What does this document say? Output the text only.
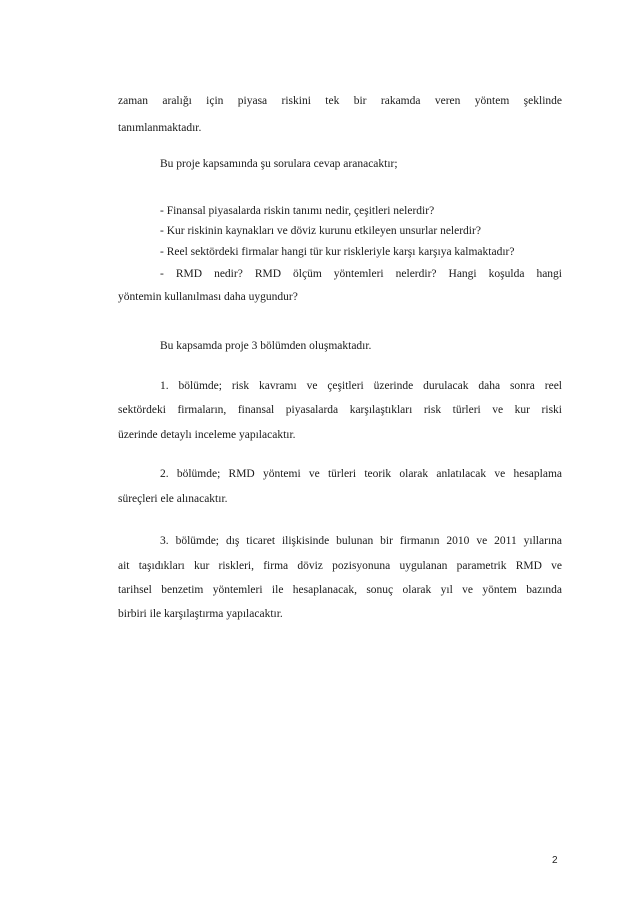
zaman aralığı için piyasa riskini tek bir rakamda veren yöntem şeklinde
tanımlanmaktadır.
Bu proje kapsamında şu sorulara cevap aranacaktır;
- Finansal piyasalarda riskin tanımı nedir, çeşitleri nelerdir?
- Kur riskinin kaynakları ve döviz kurunu etkileyen unsurlar nelerdir?
- Reel sektördeki firmalar hangi tür kur riskleriyle karşı karşıya kalmaktadır?
- RMD nedir? RMD ölçüm yöntemleri nelerdir? Hangi koşulda hangi
yöntemin kullanılması daha uygundur?
Bu kapsamda proje 3 bölümden oluşmaktadır.
1. bölümde; risk kavramı ve çeşitleri üzerinde durulacak daha sonra reel
sektördeki firmaların, finansal piyasalarda karşılaştıkları risk türleri ve kur riski
üzerinde detaylı inceleme yapılacaktır.
2. bölümde; RMD yöntemi ve türleri teorik olarak anlatılacak ve hesaplama
süreçleri ele alınacaktır.
3. bölümde; dış ticaret ilişkisinde bulunan bir firmanın 2010 ve 2011 yıllarına
ait taşıdıkları kur riskleri, firma döviz pozisyonuna uygulanan parametrik RMD ve
tarihsel benzetim yöntemleri ile hesaplanacak, sonuç olarak yıl ve yöntem bazında
birbiri ile karşılaştırma yapılacaktır.
2
